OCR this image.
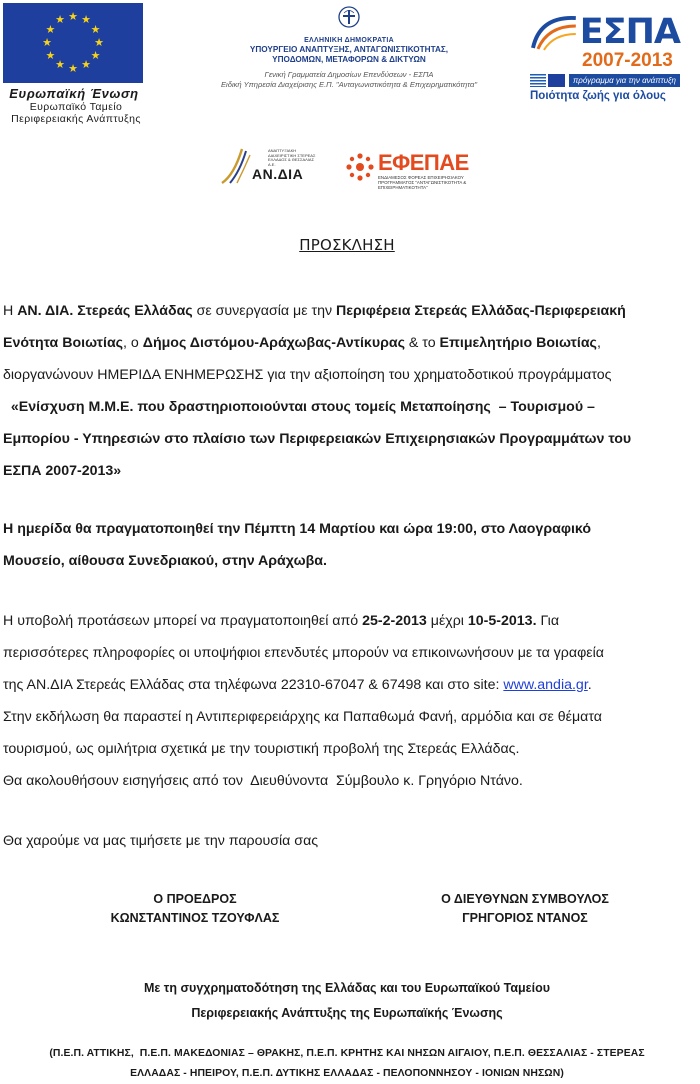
★ ★
★
★
★
★
★
★
★
★
★
★
Ευρωπαϊκή Ένωση
Ευρωπαϊκό Ταμείο
Περιφερειακής Ανάπτυξης
ΕΛΛΗΝΙΚΗ ΔΗΜΟΚΡΑΤΙΑ
ΥΠΟΥΡΓΕΙΟ ΑΝΑΠΤΥΞΗΣ, ΑΝΤΑΓΩΝΙΣΤΙΚΟΤΗΤΑΣ,
ΥΠΟΔΟΜΩΝ, ΜΕΤΑΦΟΡΩΝ & ΔΙΚΤΥΩΝ
Γενική Γραμματεία Δημοσίων Επενδύσεων - ΕΣΠΑ
Ειδική Υπηρεσία Διαχείρισης Ε.Π. "Ανταγωνιστικότητα & Επιχειρηματικότητα"
ΕΣΠΑ
2007-2013
πρόγραμμα για την ανάπτυξη
Ποιότητα ζωής για όλους
ΑΝΑΠΤΥΞΙΑΚΗ ΔΙΑΧΕΙΡΙΣΤΙΚΗ ΣΤΕΡΕΑΣ ΕΛΛΑΔΟΣ & ΘΕΣΣΑΛΙΑΣ Α.Ε.
ΑΝ.ΔΙΑ	ΕΦΕΠΑΕ
ΕΝΔΙΑΜΕΣΟΣ ΦΟΡΕΑΣ ΕΠΙΧΕΙΡΗΣΙΑΚΟΥ ΠΡΟΓΡΑΜΜΑΤΟΣ "ΑΝΤΑΓΩΝΙΣΤΙΚΟΤΗΤΑ & ΕΠΙΧΕΙΡΗΜΑΤΙΚΟΤΗΤΑ"
ΠΡΟΣΚΛΗΣΗ
Η ΑΝ. ΔΙΑ. Στερεάς Ελλάδας σε συνεργασία με την Περιφέρεια Στερεάς Ελλάδας-Περιφερειακή
Ενότητα Βοιωτίας, ο Δήμος Διστόμου-Αράχωβας-Αντίκυρας & το Επιμελητήριο Βοιωτίας,
διοργανώνουν ΗΜΕΡΙΔΑ ΕΝΗΜΕΡΩΣΗΣ για την αξιοποίηση του χρηματοδοτικού προγράμματος
«Ενίσχυση Μ.Μ.Ε. που δραστηριοποιούνται στους τομείς Μεταποίησης  – Τουρισμού –
Εμπορίου - Υπηρεσιών στο πλαίσιο των Περιφερειακών Επιχειρησιακών Προγραμμάτων του
ΕΣΠΑ 2007-2013»
Η ημερίδα θα πραγματοποιηθεί την Πέμπτη 14 Μαρτίου και ώρα 19:00, στο Λαογραφικό
Μουσείο, αίθουσα Συνεδριακού, στην Αράχωβα.
Η υποβολή προτάσεων μπορεί να πραγματοποιηθεί από 25-2-2013 μέχρι 10-5-2013. Για
περισσότερες πληροφορίες οι υποψήφιοι επενδυτές μπορούν να επικοινωνήσουν με τα γραφεία
της ΑΝ.ΔΙΑ Στερεάς Ελλάδας στα τηλέφωνα 22310-67047 & 67498 και στο site: www.andia.gr.
Στην εκδήλωση θα παραστεί η Αντιπεριφερειάρχης κα Παπαθωμά Φανή, αρμόδια και σε θέματα
τουρισμού, ως ομιλήτρια σχετικά με την τουριστική προβολή της Στερεάς Ελλάδας.
Θα ακολουθήσουν εισηγήσεις από τον  Διευθύνοντα  Σύμβουλο κ. Γρηγόριο Ντάνο.
Θα χαρούμε να μας τιμήσετε με την παρουσία σας
Ο ΠΡΟΕΔΡΟΣ
ΚΩΝΣΤΑΝΤΙΝΟΣ ΤΖΟΥΦΛΑΣ
Ο ΔΙΕΥΘΥΝΩΝ ΣΥΜΒΟΥΛΟΣ
ΓΡΗΓΟΡΙΟΣ ΝΤΑΝΟΣ
Με τη συγχρηματοδότηση της Ελλάδας και του Ευρωπαϊκού Ταμείου
Περιφερειακής Ανάπτυξης της Ευρωπαϊκής Ένωσης
(Π.Ε.Π. ΑΤΤΙΚΗΣ,  Π.Ε.Π. ΜΑΚΕΔΟΝΙΑΣ – ΘΡΑΚΗΣ, Π.Ε.Π. ΚΡΗΤΗΣ ΚΑΙ ΝΗΣΩΝ ΑΙΓΑΙΟΥ, Π.Ε.Π. ΘΕΣΣΑΛΙΑΣ - ΣΤΕΡΕΑΣ
ΕΛΛΑΔΑΣ - ΗΠΕΙΡΟΥ, Π.Ε.Π. ΔΥΤΙΚΗΣ ΕΛΛΑΔΑΣ - ΠΕΛΟΠΟΝΝΗΣΟΥ - ΙΟΝΙΩΝ ΝΗΣΩΝ)
